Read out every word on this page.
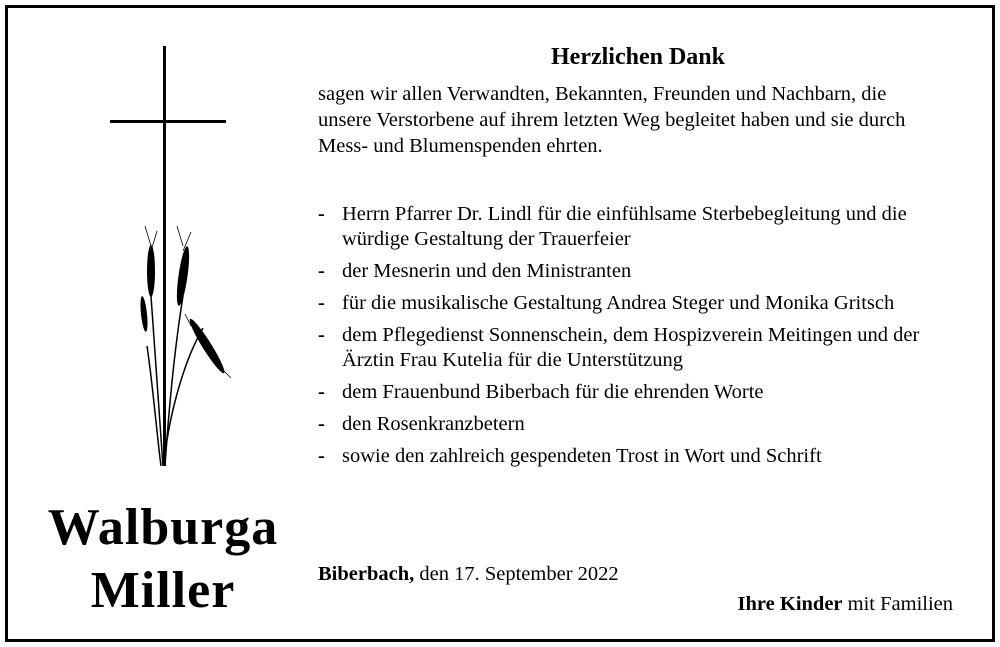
Walburga
Miller
Herzlichen Dank
sagen wir allen Verwandten, Bekannten, Freunden und Nachbarn, die unsere Verstorbene auf ihrem letzten Weg begleitet haben und sie durch Mess- und Blumenspenden ehrten.
- Herrn Pfarrer Dr. Lindl für die einfühlsame Sterbebegleitung und die würdige Gestaltung der Trauerfeier
- der Mesnerin und den Ministranten
- für die musikalische Gestaltung Andrea Steger und Monika Gritsch
- dem Pflegedienst Sonnenschein, dem Hospizverein Meitingen und der Ärztin Frau Kutelia für die Unterstützung
- dem Frauenbund Biberbach für die ehrenden Worte
- den Rosenkranzbetern
- sowie den zahlreich gespendeten Trost in Wort und Schrift
Biberbach, den 17. September 2022
Ihre Kinder mit Familien
